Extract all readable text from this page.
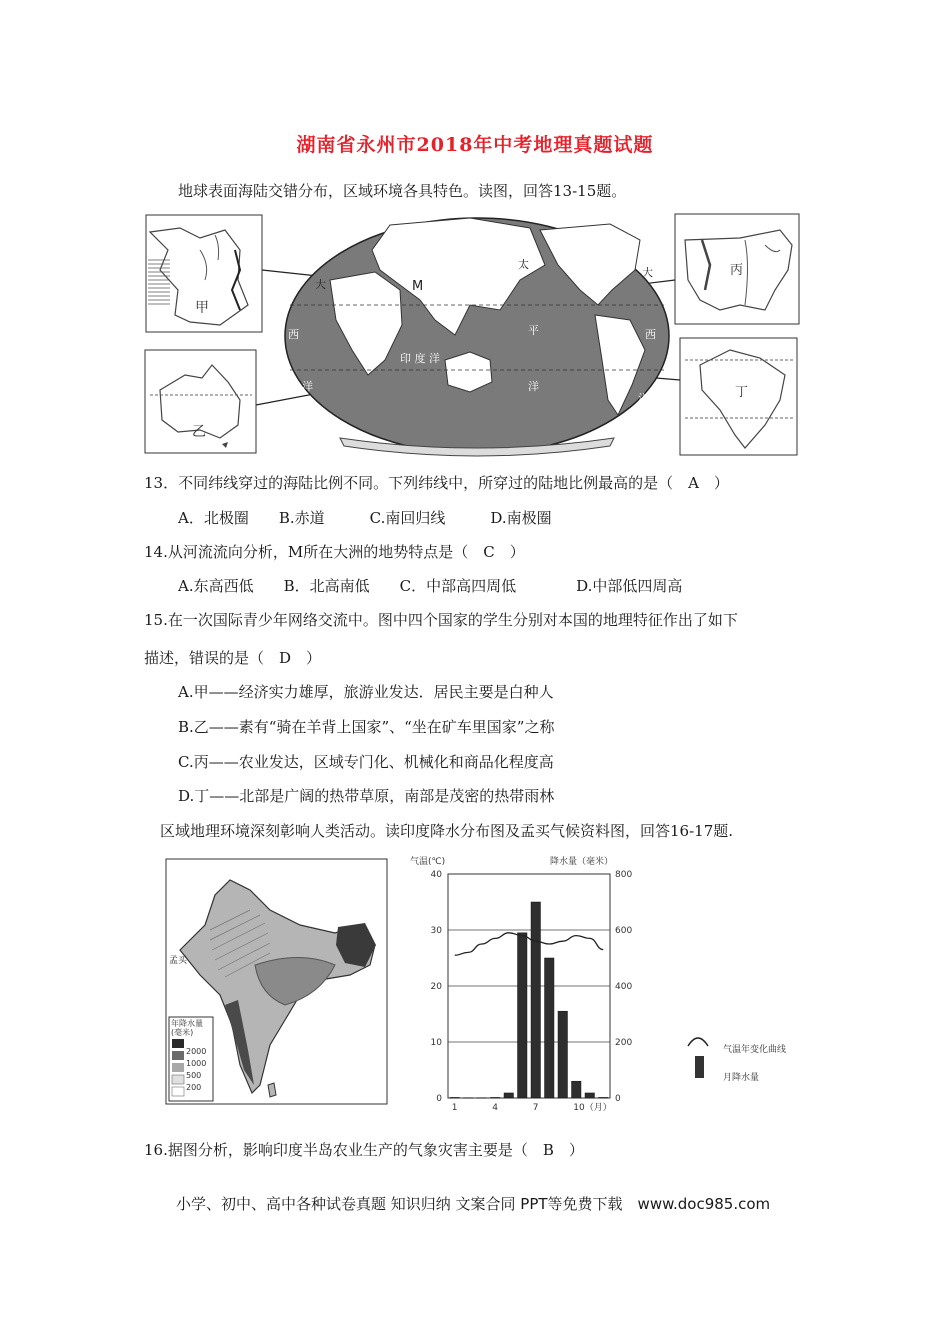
湖南省永州市2018年中考地理真题试题
地球表面海陆交错分布，区域环境各具特色。读图，回答13-15题。
甲
乙
丙
丁
北 冰 洋
M
太
平
洋
印 度 洋
大
西
洋
大
西
洋
13．不同纬线穿过的海陆比例不同。下列纬线中，所穿过的陆地比例最高的是（　A　）
A．北极圈　　B.赤道　　　C.南回归线　　　D.南极圈
14.从河流流向分析，M所在大洲的地势特点是（　C　）
A.东高西低　　B．北高南低　　C．中部高四周低　　　　D.中部低四周高
15.在一次国际青少年网络交流中。图中四个国家的学生分别对本国的地理特征作出了如下
描述，错误的是（　D　）
A.甲——经济实力雄厚，旅游业发达．居民主要是白种人
B.乙——素有“骑在羊背上国家”、“坐在矿车里国家”之称
C.丙——农业发达，区域专门化、机械化和商品化程度高
D.丁——北部是广阔的热带草原，南部是茂密的热帯雨林
区域地理环境深刻彰响人类活动。读印度降水分布图及孟买气候资料图，回答16-17题.
孟买
年降水量(毫米)
2000
1000
500
200
0	0
10	200
20	400
30	600
40	800
1	4	7	10（月）
气温(℃)	降水量（毫米）
气温年变化曲线
月降水量
16.据图分析，影响印度半岛农业生产的气象灾害主要是（　B　）
小学、初中、高中各种试卷真题 知识归纳 文案合同 PPT等免费下载　www.doc985.com
